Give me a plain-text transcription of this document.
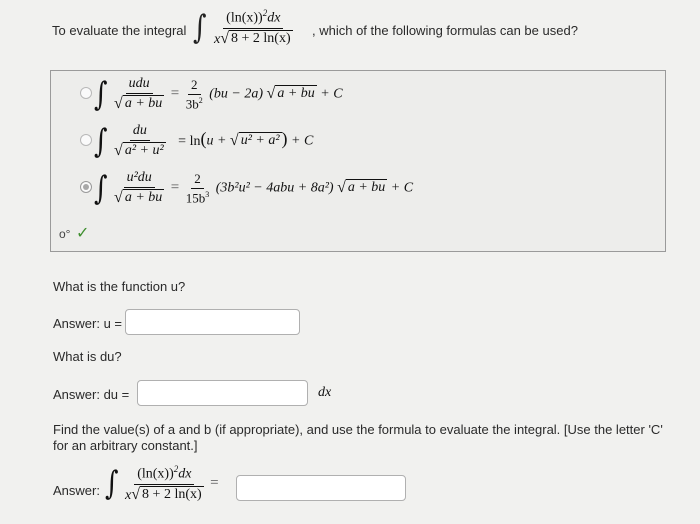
To evaluate the integral ∫ $\frac{(\ln(x))^2dx}{x √ 8 + 2 \ln(x)}$ , which of the following formulas can be used?
∫ $\frac{\text{udu}}{√ a + bu} = \frac{2}{3b^2} (bu - 2a)$ √ a + bu + C
∫ $\frac{du}{\text{√ a² + u²}} = \ln(u$ + √ u² + a² ) + C
∫ $\frac{\text{u²du}}{√ a + bu} = \frac{2}{15b^3} (3b^2u^2 - 4abu + 8a^2)$ √ a + bu + C
o° ✓
What is the function u?
Answer: u =
What is du?
Answer: du =	dx
Find the value(s) of a and b (if appropriate), and use the formula to evaluate the integral. [Use the letter 'C' for an arbitrary constant.]
Answer: ∫ $\frac{(\ln(x))^2dx}{x √ 8 + 2 \ln(x)}$ =
